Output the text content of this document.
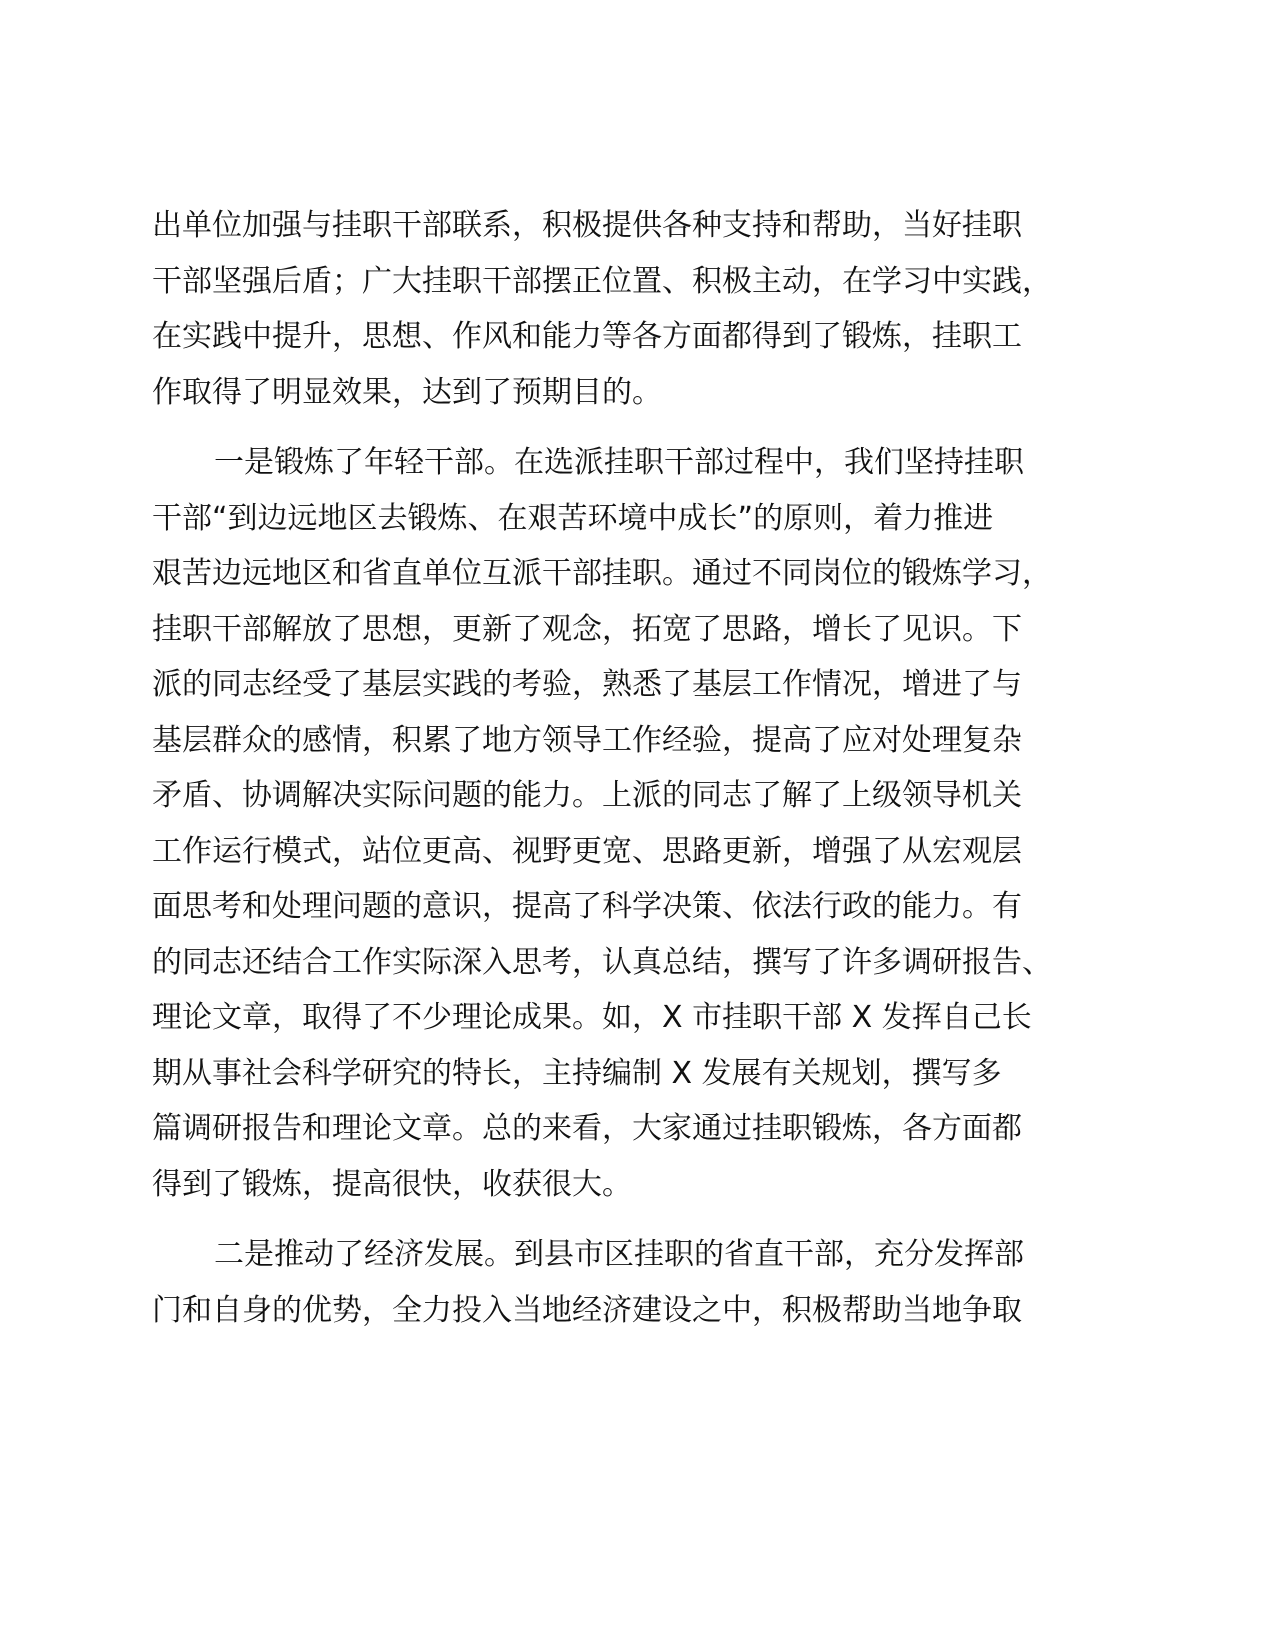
出单位加强与挂职干部联系，积极提供各种支持和帮助，当好挂职
干部坚强后盾；广大挂职干部摆正位置、积极主动，在学习中实践，
在实践中提升，思想、作风和能力等各方面都得到了锻炼，挂职工
作取得了明显效果，达到了预期目的。

一是锻炼了年轻干部。在选派挂职干部过程中，我们坚持挂职
干部“到边远地区去锻炼、在艰苦环境中成长”的原则，着力推进
艰苦边远地区和省直单位互派干部挂职。通过不同岗位的锻炼学习，
挂职干部解放了思想，更新了观念，拓宽了思路，增长了见识。下
派的同志经受了基层实践的考验，熟悉了基层工作情况，增进了与
基层群众的感情，积累了地方领导工作经验，提高了应对处理复杂
矛盾、协调解决实际问题的能力。上派的同志了解了上级领导机关
工作运行模式，站位更高、视野更宽、思路更新，增强了从宏观层
面思考和处理问题的意识，提高了科学决策、依法行政的能力。有
的同志还结合工作实际深入思考，认真总结，撰写了许多调研报告、
理论文章，取得了不少理论成果。如，X 市挂职干部 X 发挥自己长
期从事社会科学研究的特长，主持编制 X 发展有关规划，撰写多
篇调研报告和理论文章。总的来看，大家通过挂职锻炼，各方面都
得到了锻炼，提高很快，收获很大。

二是推动了经济发展。到县市区挂职的省直干部，充分发挥部
门和自身的优势，全力投入当地经济建设之中，积极帮助当地争取
